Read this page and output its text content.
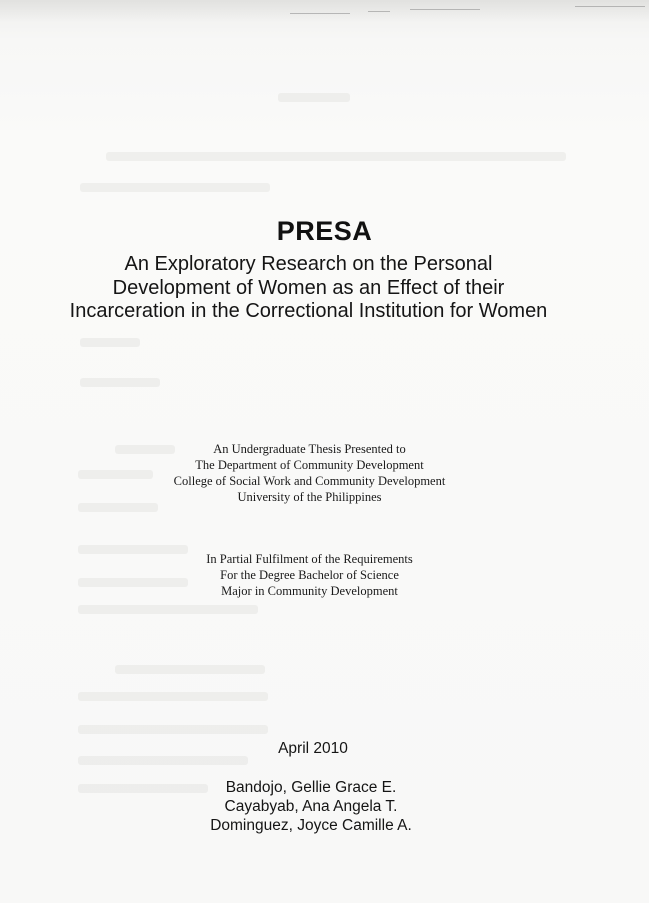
PRESA
An Exploratory Research on the Personal
Development of Women as an Effect of their
Incarceration in the Correctional Institution for Women
An Undergraduate Thesis Presented to
The Department of Community Development
College of Social Work and Community Development
University of the Philippines
In Partial Fulfilment of the Requirements
For the Degree Bachelor of Science
Major in Community Development
April 2010
Bandojo, Gellie Grace E.
Cayabyab, Ana Angela T.
Dominguez, Joyce Camille A.
